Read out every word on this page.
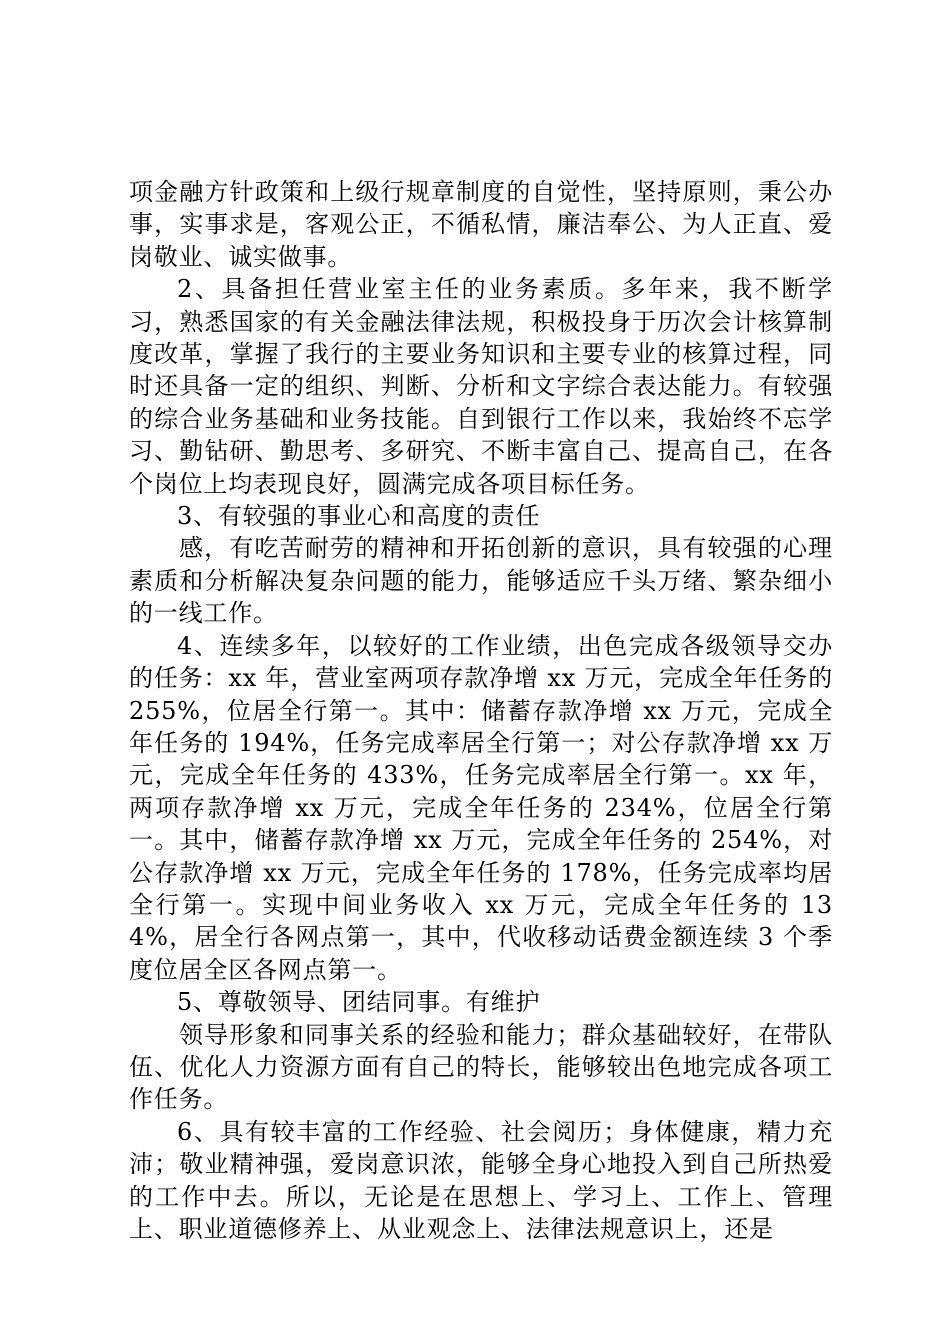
项金融方针政策和上级行规章制度的自觉性，坚持原则，秉公办事，实事求是，客观公正，不循私情，廉洁奉公、为人正直、爱岗敬业、诚实做事。

2、具备担任营业室主任的业务素质。多年来，我不断学习，熟悉国家的有关金融法律法规，积极投身于历次会计核算制度改革，掌握了我行的主要业务知识和主要专业的核算过程，同时还具备一定的组织、判断、分析和文字综合表达能力。有较强的综合业务基础和业务技能。自到银行工作以来，我始终不忘学习、勤钻研、勤思考、多研究、不断丰富自己、提高自己，在各个岗位上均表现良好，圆满完成各项目标任务。

3、有较强的事业心和高度的责任

感，有吃苦耐劳的精神和开拓创新的意识，具有较强的心理素质和分析解决复杂问题的能力，能够适应千头万绪、繁杂细小的一线工作。

4、连续多年，以较好的工作业绩，出色完成各级领导交办的任务：xx 年，营业室两项存款净增 xx 万元，完成全年任务的 255%，位居全行第一。其中：储蓄存款净增 xx 万元，完成全年任务的 194%，任务完成率居全行第一；对公存款净增 xx 万元，完成全年任务的 433%，任务完成率居全行第一。xx 年，两项存款净增 xx 万元，完成全年任务的 234%，位居全行第一。其中，储蓄存款净增 xx 万元，完成全年任务的 254%，对公存款净增 xx 万元，完成全年任务的 178%，任务完成率均居全行第一。实现中间业务收入 xx 万元，完成全年任务的 134%，居全行各网点第一，其中，代收移动话费金额连续 3 个季度位居全区各网点第一。

5、尊敬领导、团结同事。有维护

领导形象和同事关系的经验和能力；群众基础较好，在带队伍、优化人力资源方面有自己的特长，能够较出色地完成各项工作任务。

6、具有较丰富的工作经验、社会阅历；身体健康，精力充沛；敬业精神强，爱岗意识浓，能够全身心地投入到自己所热爱的工作中去。所以，无论是在思想上、学习上、工作上、管理上、职业道德修养上、从业观念上、法律法规意识上，还是
